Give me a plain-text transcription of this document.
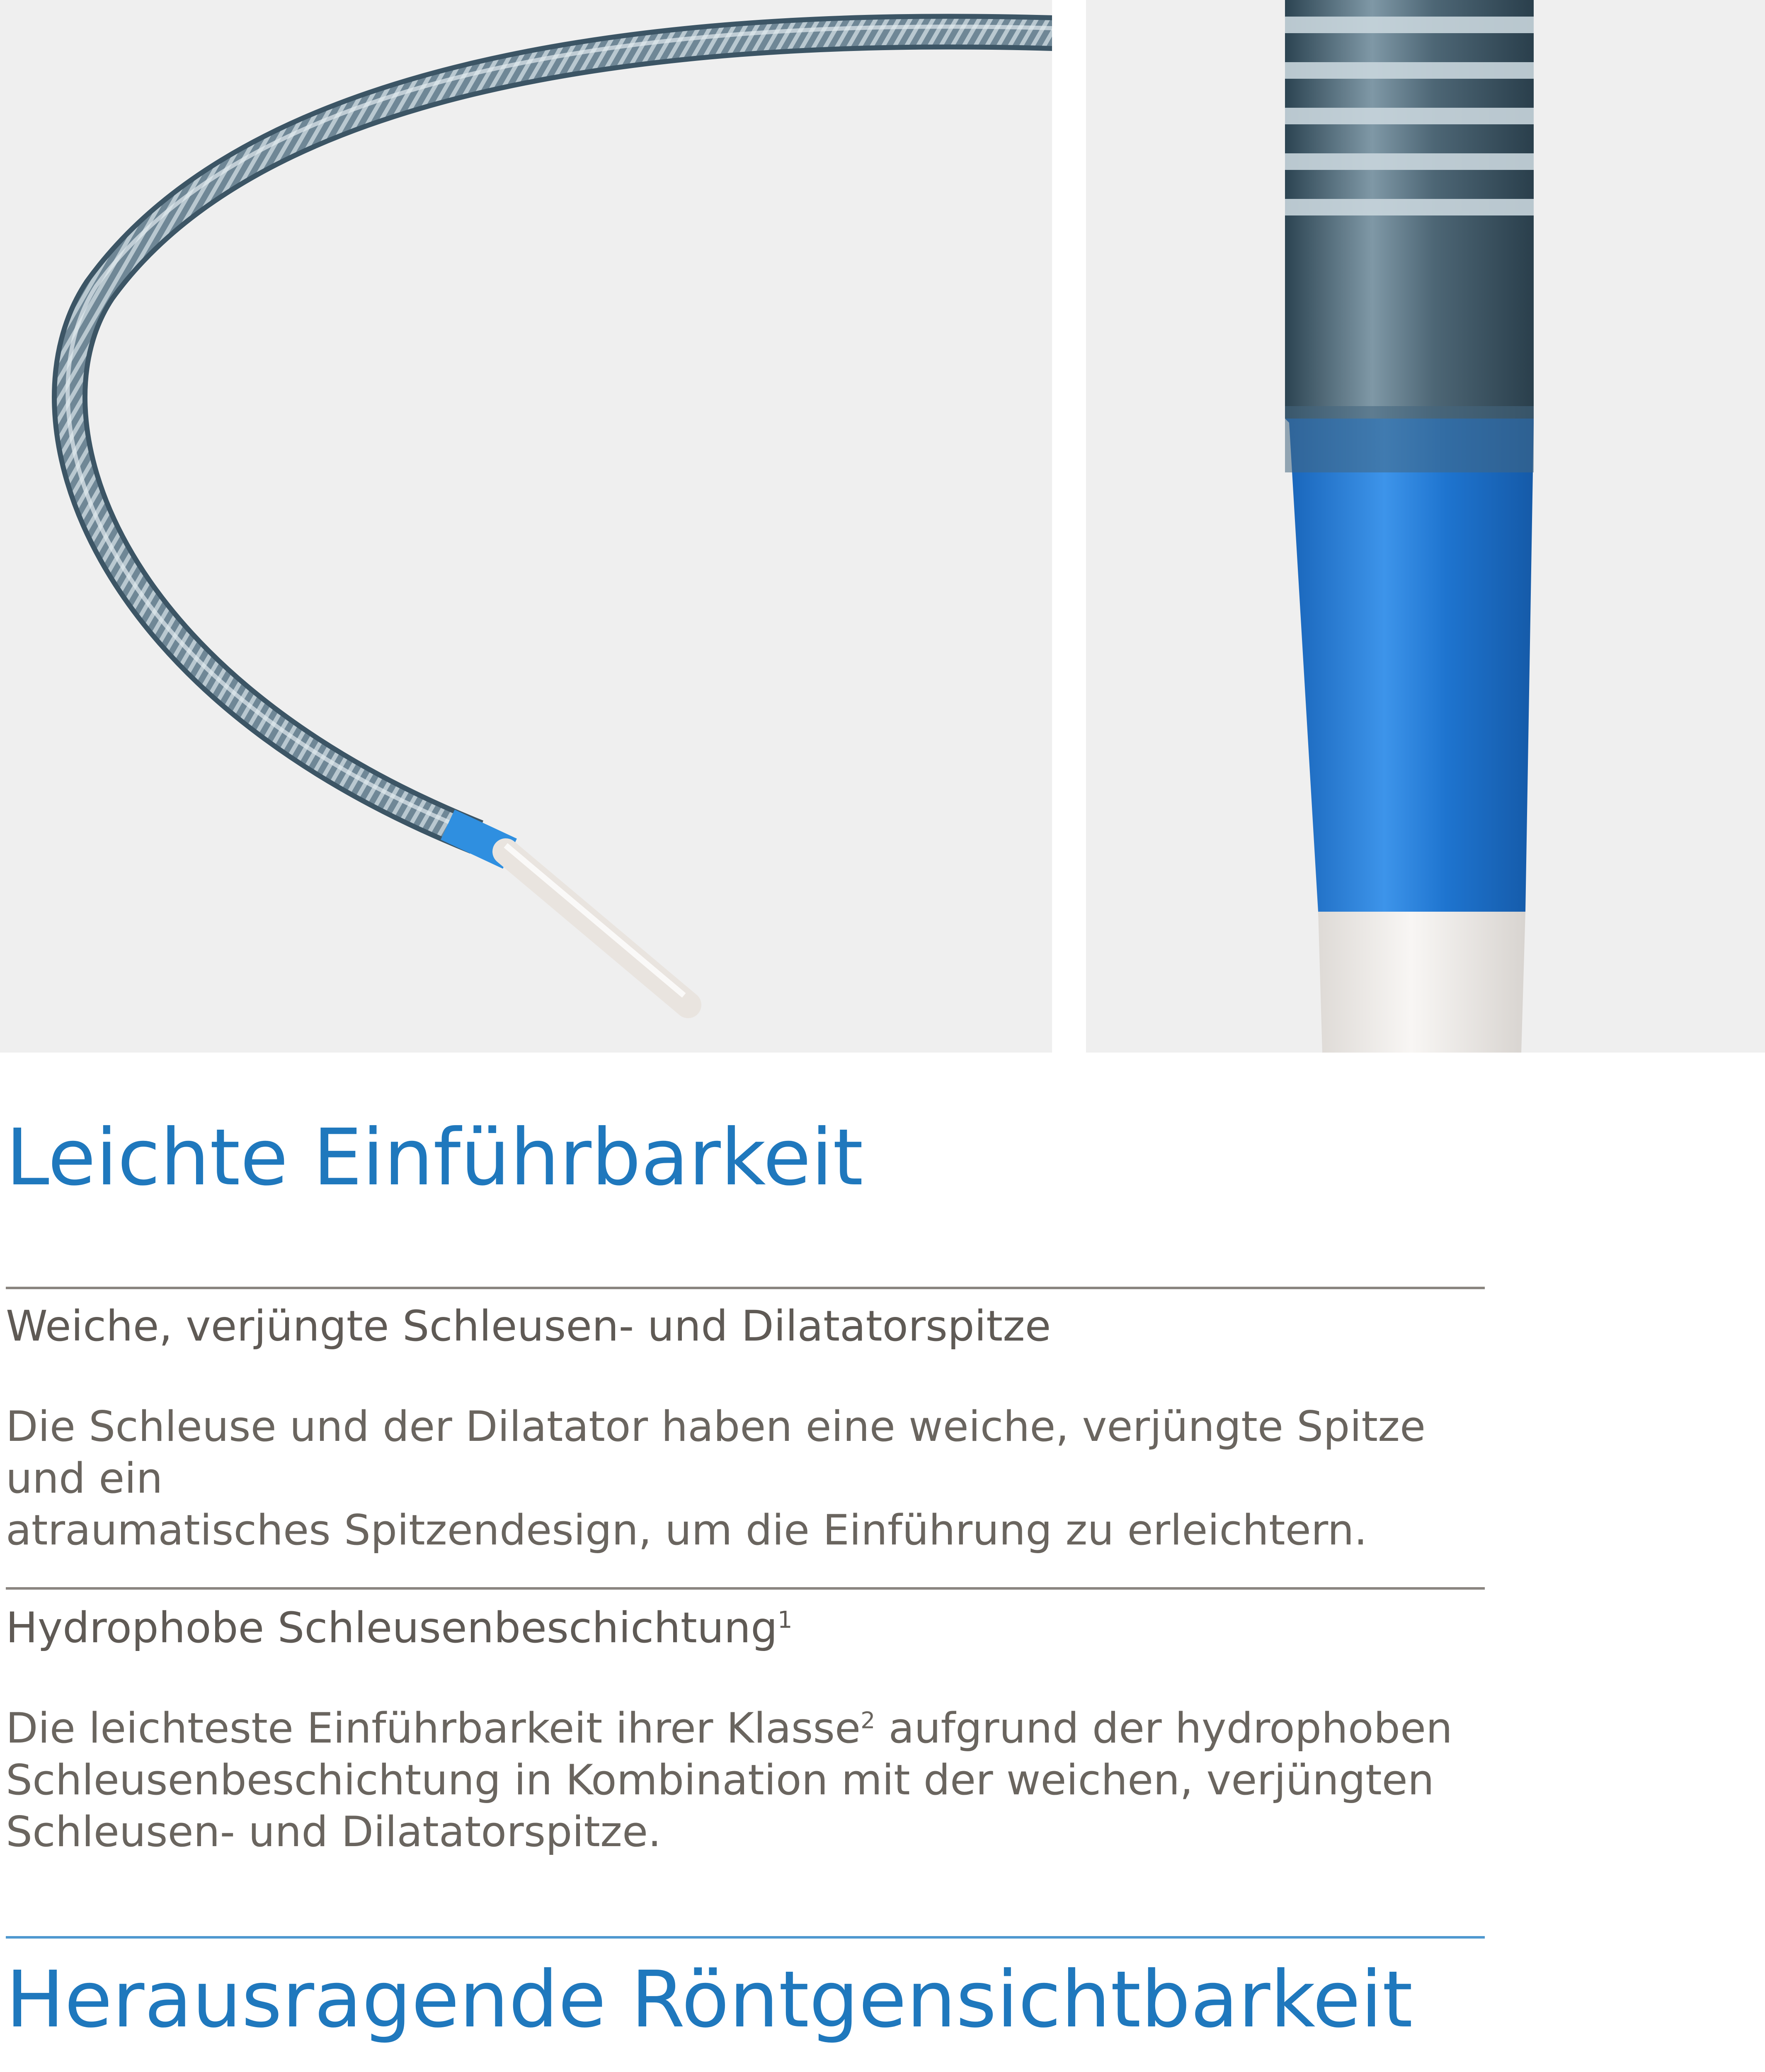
Leichte Einführbarkeit
Weiche, verjüngte Schleusen- und Dilatatorspitze

Die Schleuse und der Dilatator haben eine weiche, verjüngte Spitze und ein
atraumatisches Spitzendesign, um die Einführung zu erleichtern.

Hydrophobe Schleusenbeschichtung$^1$

Die leichteste Einführbarkeit ihrer Klasse$^2$ aufgrund der hydrophoben
Schleusenbeschichtung in Kombination mit der weichen, verjüngten
Schleusen- und Dilatatorspitze.

Herausragende Röntgensichtbarkeit
